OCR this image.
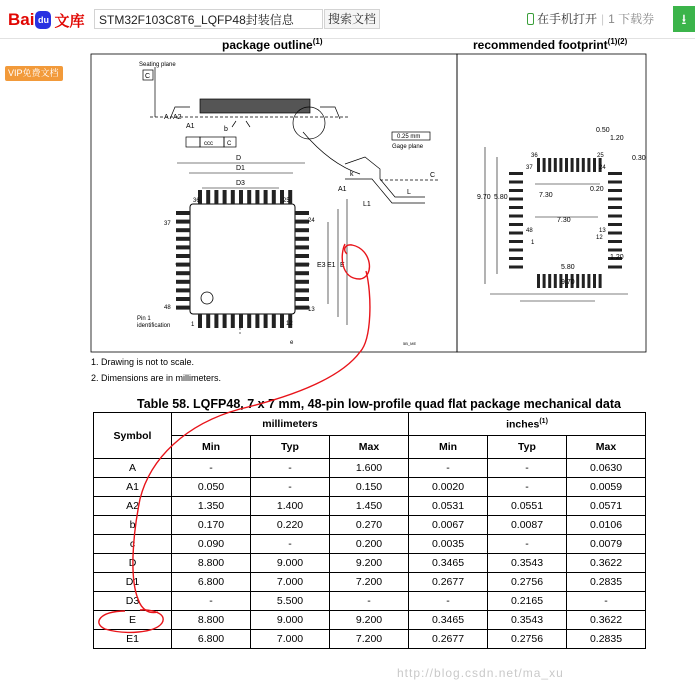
Bai du 文库	STM32F103C8T6_LQFP48封装信息	搜索文档	在手机打开 | 1 下载券	⭳
VIP免费文档
package outline$^{(1)}$	recommended footprint$^{(1)(2)}$
Seating plane
C
A A2
A1	b
ccc C
0.25 mm
Gage plane
k
A1	L
L1
C
D
D1
D3
E
E1
E3
36	25
37	24
48	13
1	12
Pin 1
identification
e	5B_ME
0.50
1.20
0.30
36	25
37	24
0.20
9.70 5.80	7.30
7.30
48	13
1
12
1.20
5.80
9.70
1. Drawing is not to scale.
2. Dimensions are in millimeters.
Table 58. LQFP48, 7 x 7 mm, 48-pin low-profile quad flat package mechanical data
Symbol	millimeters			inches$^{(1)}$
	Min	Typ	Max	Min	Typ	Max
A	-	-	1.600	-	-	0.0630
A1	0.050	-	0.150	0.0020	-	0.0059
A2	1.350	1.400	1.450	0.0531	0.0551	0.0571
b	0.170	0.220	0.270	0.0067	0.0087	0.0106
c	0.090	-	0.200	0.0035	-	0.0079
D	8.800	9.000	9.200	0.3465	0.3543	0.3622
D1	6.800	7.000	7.200	0.2677	0.2756	0.2835
D3	-	5.500	-	-	0.2165	-
E	8.800	9.000	9.200	0.3465	0.3543	0.3622
E1	6.800	7.000	7.200	0.2677	0.2756	0.2835
http://blog.csdn.net/ma_xu
